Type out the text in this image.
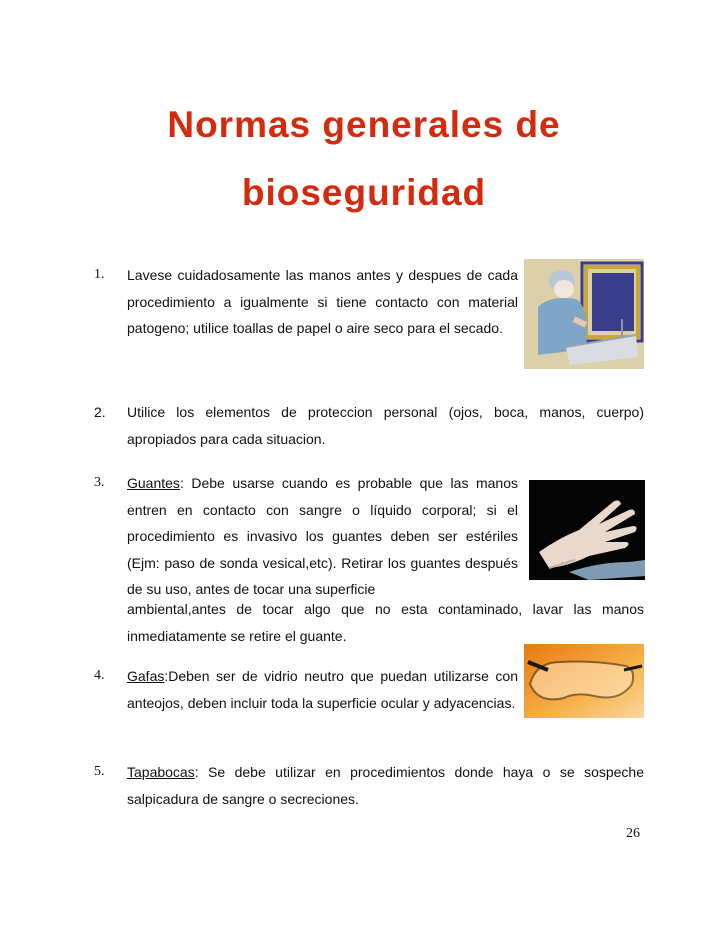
Normas generales de
bioseguridad
1.	Lavese cuidadosamente las manos antes y despues de cada procedimiento a igualmente si tiene contacto con material patogeno; utilice toallas de papel o aire seco para el secado.

2.	Utilice los elementos de proteccion personal (ojos, boca, manos, cuerpo) apropiados para cada situacion.

3.	Guantes: Debe usarse cuando es probable que las manos entren en contacto con sangre o líquido corporal; si el procedimiento es invasivo los guantes deben ser estériles (Ejm: paso de sonda vesical,etc). Retirar los guantes después de su uso, antes de tocar una superficie

ambiental,antes de tocar algo que no esta contaminado, lavar las manos inmediatamente se retire el guante.

4.	Gafas:Deben ser de vidrio neutro que puedan utilizarse con anteojos, deben incluir toda la superficie ocular y adyacencias.

5.	Tapabocas: Se debe utilizar en procedimientos donde haya o se sospeche salpicadura de sangre o secreciones.

26
